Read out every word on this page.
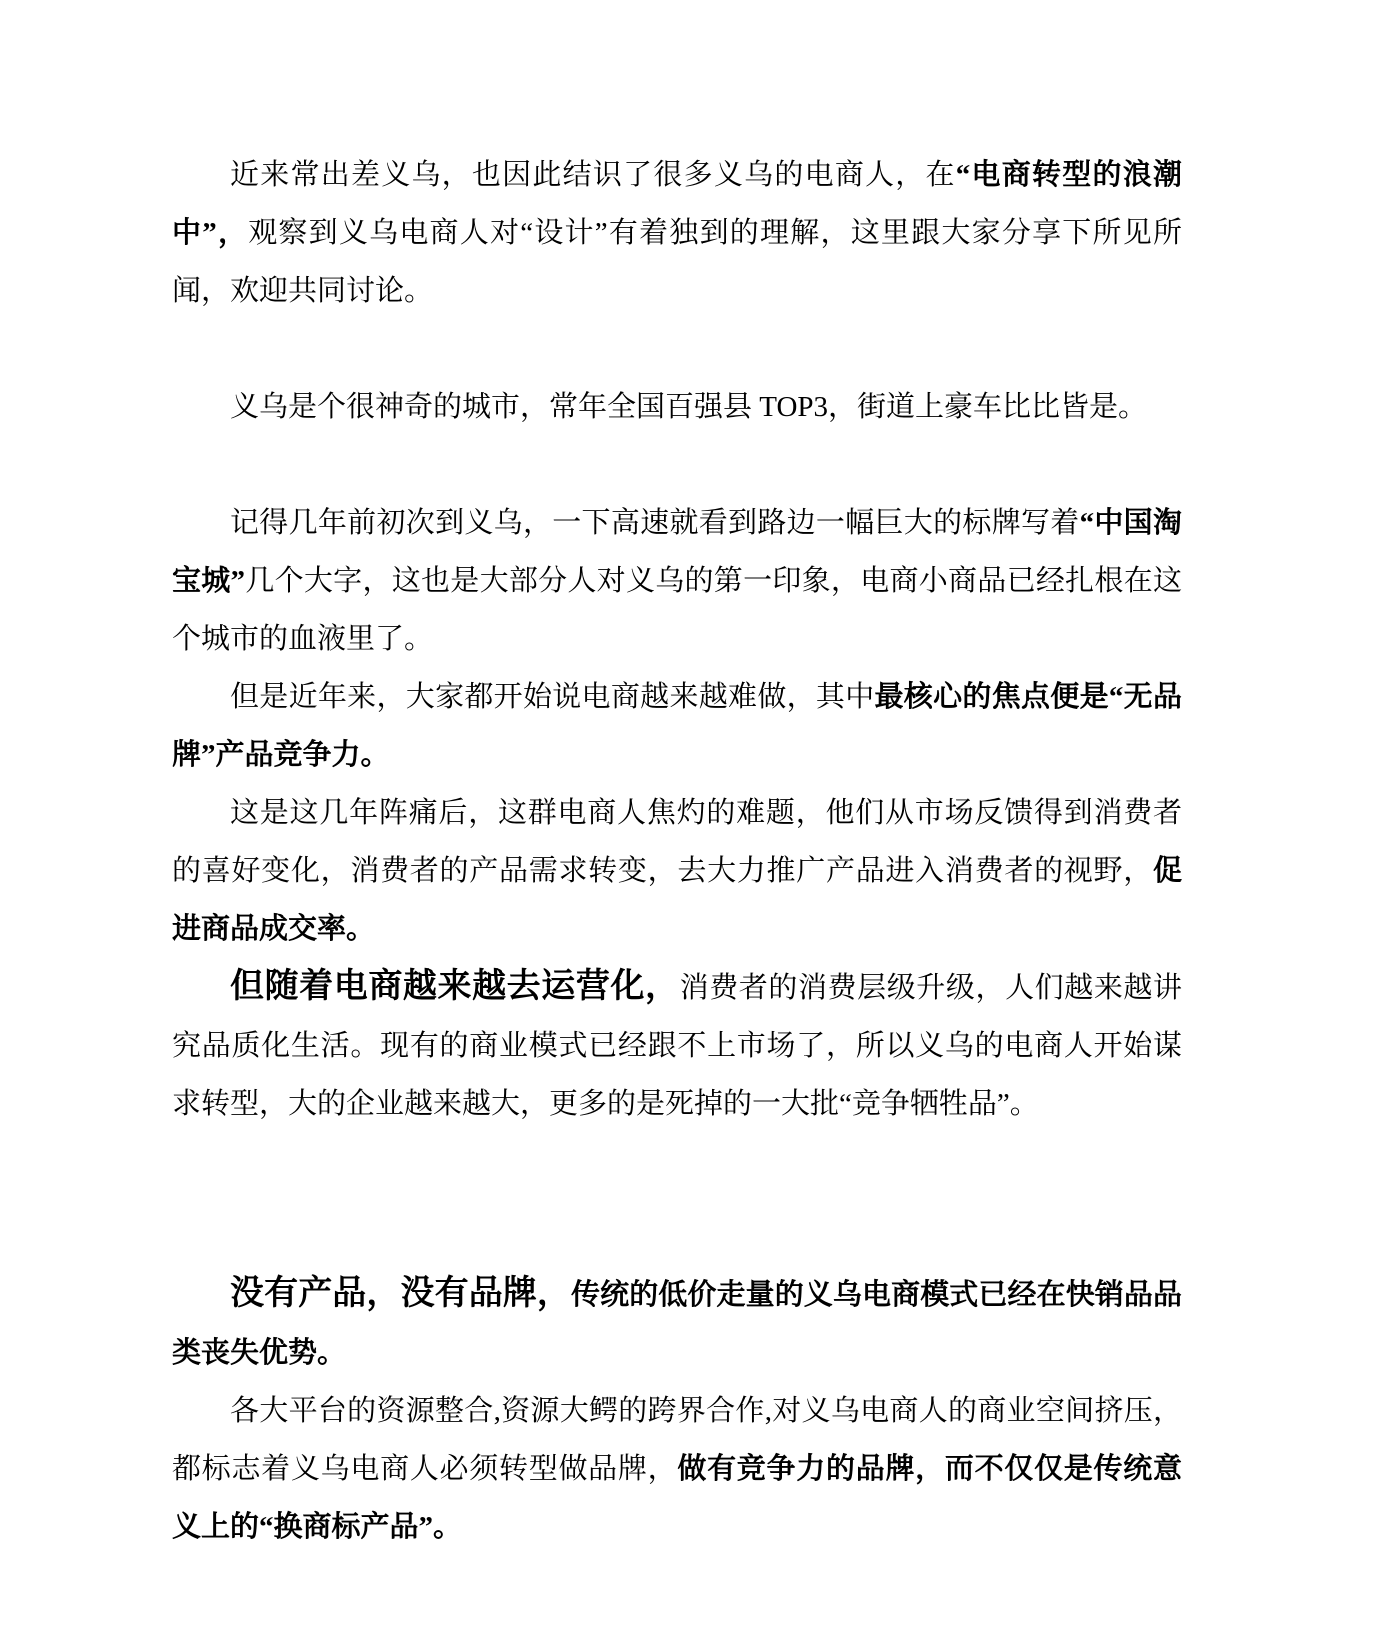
近来常出差义乌，也因此结识了很多义乌的电商人，在“电商转型的浪潮中”，观察到义乌电商人对“设计”有着独到的理解，这里跟大家分享下所见所闻，欢迎共同讨论。

义乌是个很神奇的城市，常年全国百强县 TOP3，街道上豪车比比皆是。

记得几年前初次到义乌，一下高速就看到路边一幅巨大的标牌写着“中国淘宝城”几个大字，这也是大部分人对义乌的第一印象，电商小商品已经扎根在这个城市的血液里了。

但是近年来，大家都开始说电商越来越难做，其中最核心的焦点便是“无品牌”产品竞争力。

这是这几年阵痛后，这群电商人焦灼的难题，他们从市场反馈得到消费者的喜好变化，消费者的产品需求转变，去大力推广产品进入消费者的视野，促进商品成交率。

但随着电商越来越去运营化，消费者的消费层级升级，人们越来越讲究品质化生活。现有的商业模式已经跟不上市场了，所以义乌的电商人开始谋求转型，大的企业越来越大，更多的是死掉的一大批“竞争牺牲品”。

没有产品，没有品牌，传统的低价走量的义乌电商模式已经在快销品品类丧失优势。

各大平台的资源整合,资源大鳄的跨界合作,对义乌电商人的商业空间挤压，都标志着义乌电商人必须转型做品牌，做有竞争力的品牌，而不仅仅是传统意义上的“换商标产品”。
